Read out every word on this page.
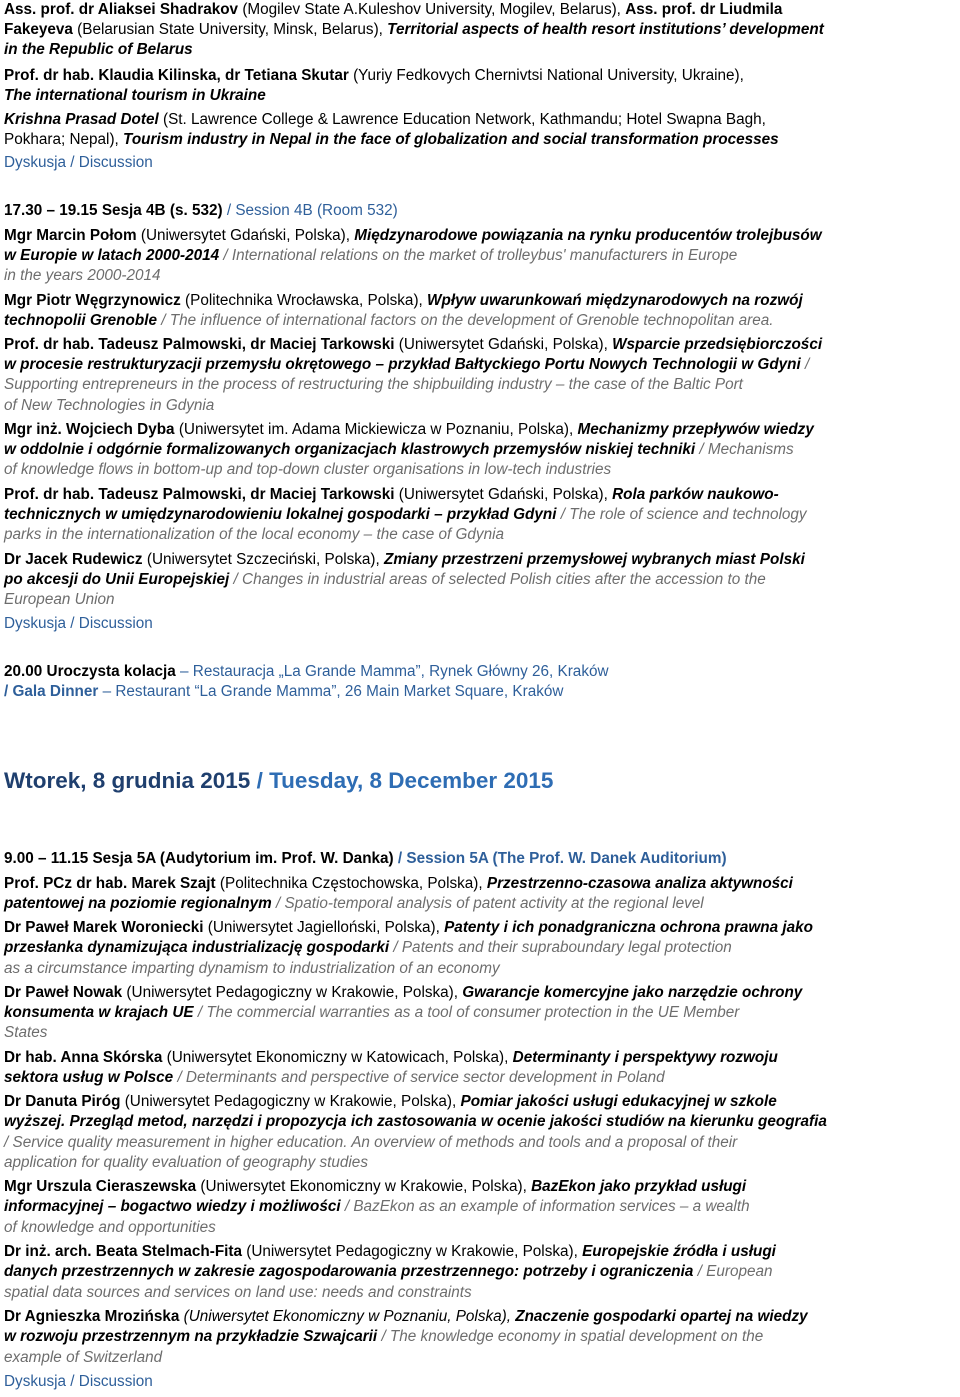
Ass. prof. dr Aliaksei Shadrakov (Mogilev State A.Kuleshov University, Mogilev, Belarus), Ass. prof. dr Liudmila
Fakeyeva (Belarusian State University, Minsk, Belarus), Territorial aspects of health resort institutions’ development
in the Republic of Belarus
Prof. dr hab. Klaudia Kilinska, dr Tetiana Skutar (Yuriy Fedkovych Chernivtsi National University, Ukraine),
The international tourism in Ukraine
Krishna Prasad Dotel (St. Lawrence College & Lawrence Education Network, Kathmandu; Hotel Swapna Bagh,
Pokhara; Nepal), Tourism industry in Nepal in the face of globalization and social transformation processes
Dyskusja / Discussion
17.30 – 19.15 Sesja 4B (s. 532) / Session 4B (Room 532)
Mgr Marcin Połom (Uniwersytet Gdański, Polska), Międzynarodowe powiązania na rynku producentów trolejbusów
w Europie w latach 2000-2014 / International relations on the market of trolleybus' manufacturers in Europe
in the years 2000-2014
Mgr Piotr Węgrzynowicz (Politechnika Wrocławska, Polska), Wpływ uwarunkowań międzynarodowych na rozwój
technopolii Grenoble / The influence of international factors on the development of Grenoble technopolitan area.
Prof. dr hab. Tadeusz Palmowski, dr Maciej Tarkowski (Uniwersytet Gdański, Polska), Wsparcie przedsiębiorczości
w procesie restrukturyzacji przemysłu okrętowego – przykład Bałtyckiego Portu Nowych Technologii w Gdyni /
Supporting entrepreneurs in the process of restructuring the shipbuilding industry – the case of the Baltic Port
of New Technologies in Gdynia
Mgr inż. Wojciech Dyba (Uniwersytet im. Adama Mickiewicza w Poznaniu, Polska), Mechanizmy przepływów wiedzy
w oddolnie i odgórnie formalizowanych organizacjach klastrowych przemysłów niskiej techniki / Mechanisms
of knowledge flows in bottom-up and top-down cluster organisations in low-tech industries
Prof. dr hab. Tadeusz Palmowski, dr Maciej Tarkowski (Uniwersytet Gdański, Polska), Rola parków naukowo-
technicznych w umiędzynarodowieniu lokalnej gospodarki – przykład Gdyni / The role of science and technology
parks in the internationalization of the local economy – the case of Gdynia
Dr Jacek Rudewicz (Uniwersytet Szczeciński, Polska), Zmiany przestrzeni przemysłowej wybranych miast Polski
po akcesji do Unii Europejskiej / Changes in industrial areas of selected Polish cities after the accession to the
European Union
Dyskusja / Discussion
20.00 Uroczysta kolacja – Restauracja „La Grande Mamma”, Rynek Główny 26, Kraków
/ Gala Dinner – Restaurant “La Grande Mamma”, 26 Main Market Square, Kraków
9.00 – 11.15 Sesja 5A (Audytorium im. Prof. W. Danka) / Session 5A (The Prof. W. Danek Auditorium)
Prof. PCz dr hab. Marek Szajt (Politechnika Częstochowska, Polska), Przestrzenno-czasowa analiza aktywności
patentowej na poziomie regionalnym / Spatio-temporal analysis of patent activity at the regional level
Dr Paweł Marek Woroniecki (Uniwersytet Jagielloński, Polska), Patenty i ich ponadgraniczna ochrona prawna jako
przesłanka dynamizująca industrializację gospodarki / Patents and their supraboundary legal protection
as a circumstance imparting dynamism to industrialization of an economy
Dr Paweł Nowak (Uniwersytet Pedagogiczny w Krakowie, Polska), Gwarancje komercyjne jako narzędzie ochrony
konsumenta w krajach UE / The commercial warranties as a tool of consumer protection in the UE Member
States
Dr hab. Anna Skórska (Uniwersytet Ekonomiczny w Katowicach, Polska), Determinanty i perspektywy rozwoju
sektora usług w Polsce / Determinants and perspective of service sector development in Poland
Dr Danuta Piróg (Uniwersytet Pedagogiczny w Krakowie, Polska), Pomiar jakości usługi edukacyjnej w szkole
wyższej. Przegląd metod, narzędzi i propozycja ich zastosowania w ocenie jakości studiów na kierunku geografia
/ Service quality measurement in higher education. An overview of methods and tools and a proposal of their
application for quality evaluation of geography studies
Mgr Urszula Cieraszewska (Uniwersytet Ekonomiczny w Krakowie, Polska), BazEkon jako przykład usługi
informacyjnej – bogactwo wiedzy i możliwości / BazEkon as an example of information services – a wealth
of knowledge and opportunities
Dr inż. arch. Beata Stelmach-Fita (Uniwersytet Pedagogiczny w Krakowie, Polska), Europejskie źródła i usługi
danych przestrzennych w zakresie zagospodarowania przestrzennego: potrzeby i ograniczenia / European
spatial data sources and services on land use: needs and constraints
Dr Agnieszka Mrozińska (Uniwersytet Ekonomiczny w Poznaniu, Polska), Znaczenie gospodarki opartej na wiedzy
w rozwoju przestrzennym na przykładzie Szwajcarii / The knowledge economy in spatial development on the
example of Switzerland
Dyskusja / Discussion
Wtorek, 8 grudnia 2015 / Tuesday, 8 December 2015
